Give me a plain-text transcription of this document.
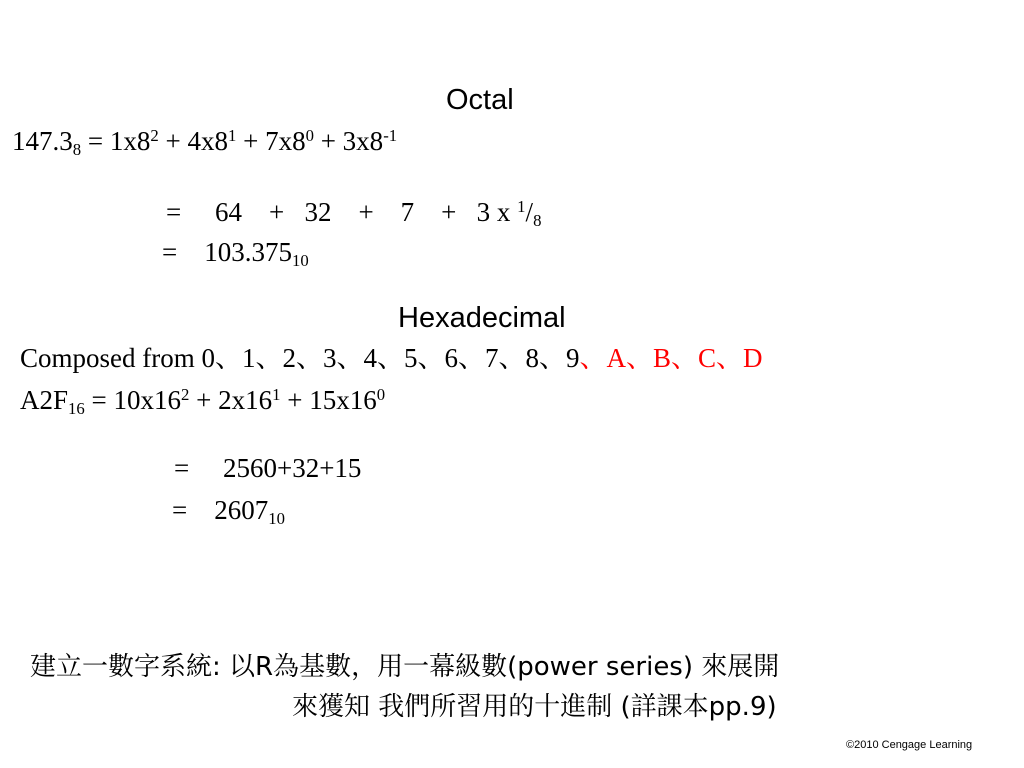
Octal
$147.3_8 = 1x8^2 + 4x8^1 + 7x8^0 + 3x8^{-1}$

=     64    +   32    +    7    +   3 x $^1/_8$

=    $103.375_{10}$

Hexadecimal
Composed from 0、1、2、3、4、5、6、7、8、9、A、B、C、D
$A2F_{16} = 10x16^2 + 2x16^1 + 15x16^0$

=     2560+32+15

=    $2607_{10}$

建立一數字系統: 以R為基數，用一幕級數(power series) 來展開
來獲知 我們所習用的十進制 (詳課本pp.9)
©2010 Cengage Learning
